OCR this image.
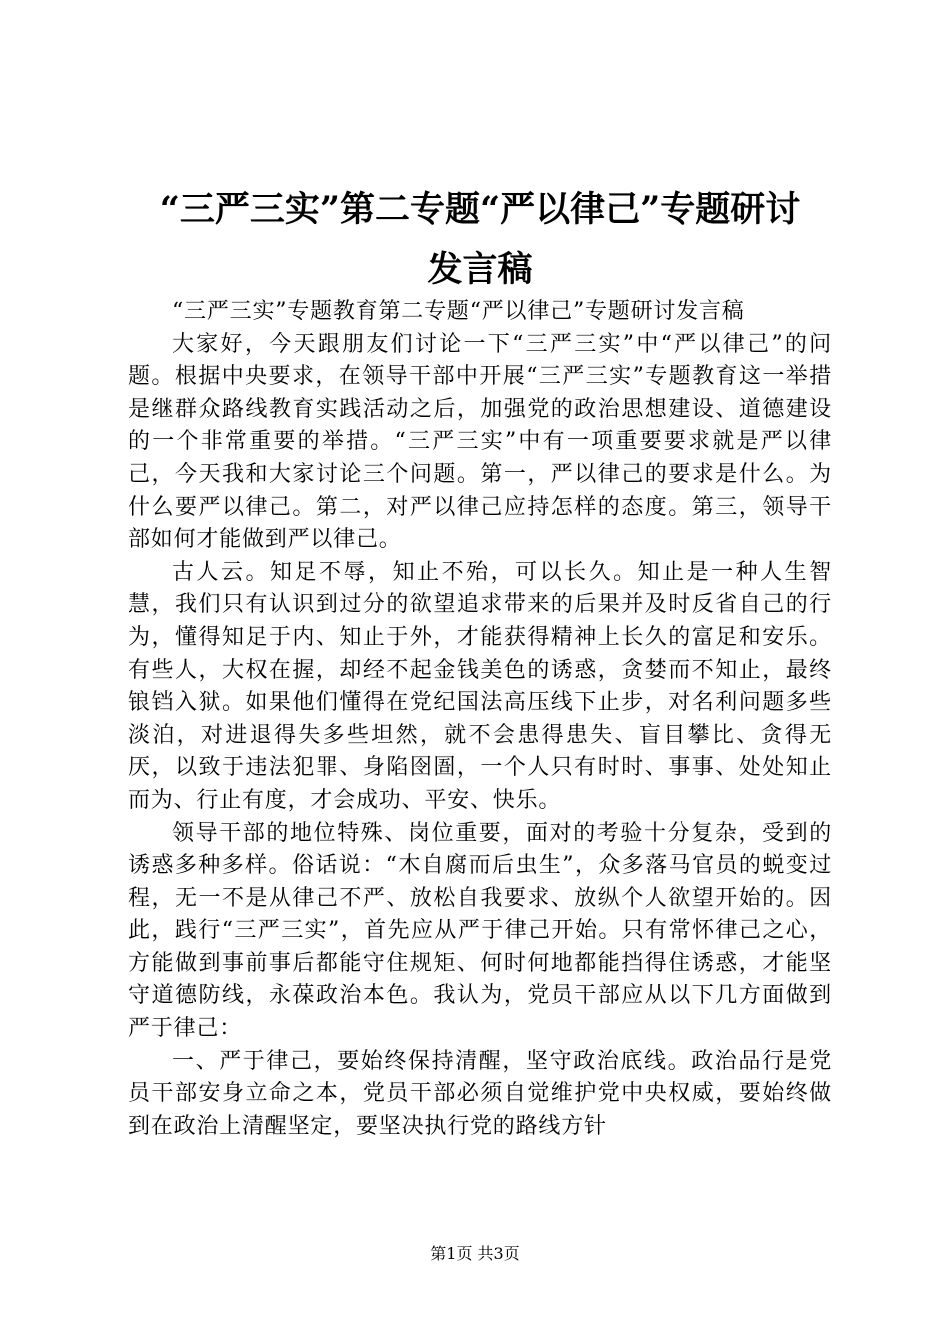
“三严三实”第二专题“严以律己”专题研讨
发言稿

“三严三实”专题教育第二专题“严以律己”专题研讨发言稿

大家好，今天跟朋友们讨论一下“三严三实”中“严以律己”的问题。根据中央要求，在领导干部中开展“三严三实”专题教育这一举措是继群众路线教育实践活动之后，加强党的政治思想建设、道德建设的一个非常重要的举措。“三严三实”中有一项重要要求就是严以律己，今天我和大家讨论三个问题。第一，严以律己的要求是什么。为什么要严以律己。第二，对严以律己应持怎样的态度。第三，领导干部如何才能做到严以律己。

古人云。知足不辱，知止不殆，可以长久。知止是一种人生智慧，我们只有认识到过分的欲望追求带来的后果并及时反省自己的行为，懂得知足于内、知止于外，才能获得精神上长久的富足和安乐。有些人，大权在握，却经不起金钱美色的诱惑，贪婪而不知止，最终锒铛入狱。如果他们懂得在党纪国法高压线下止步，对名利问题多些淡泊，对进退得失多些坦然，就不会患得患失、盲目攀比、贪得无厌，以致于违法犯罪、身陷囹圄，一个人只有时时、事事、处处知止而为、行止有度，才会成功、平安、快乐。

领导干部的地位特殊、岗位重要，面对的考验十分复杂，受到的诱惑多种多样。俗话说：“木自腐而后虫生”，众多落马官员的蜕变过程，无一不是从律己不严、放松自我要求、放纵个人欲望开始的。因此，践行“三严三实”，首先应从严于律己开始。只有常怀律己之心，方能做到事前事后都能守住规矩、何时何地都能挡得住诱惑，才能坚守道德防线，永葆政治本色。我认为，党员干部应从以下几方面做到严于律己：

一、严于律己，要始终保持清醒，坚守政治底线。政治品行是党员干部安身立命之本，党员干部必须自觉维护党中央权威，要始终做到在政治上清醒坚定，要坚决执行党的路线方针

第1页 共3页
